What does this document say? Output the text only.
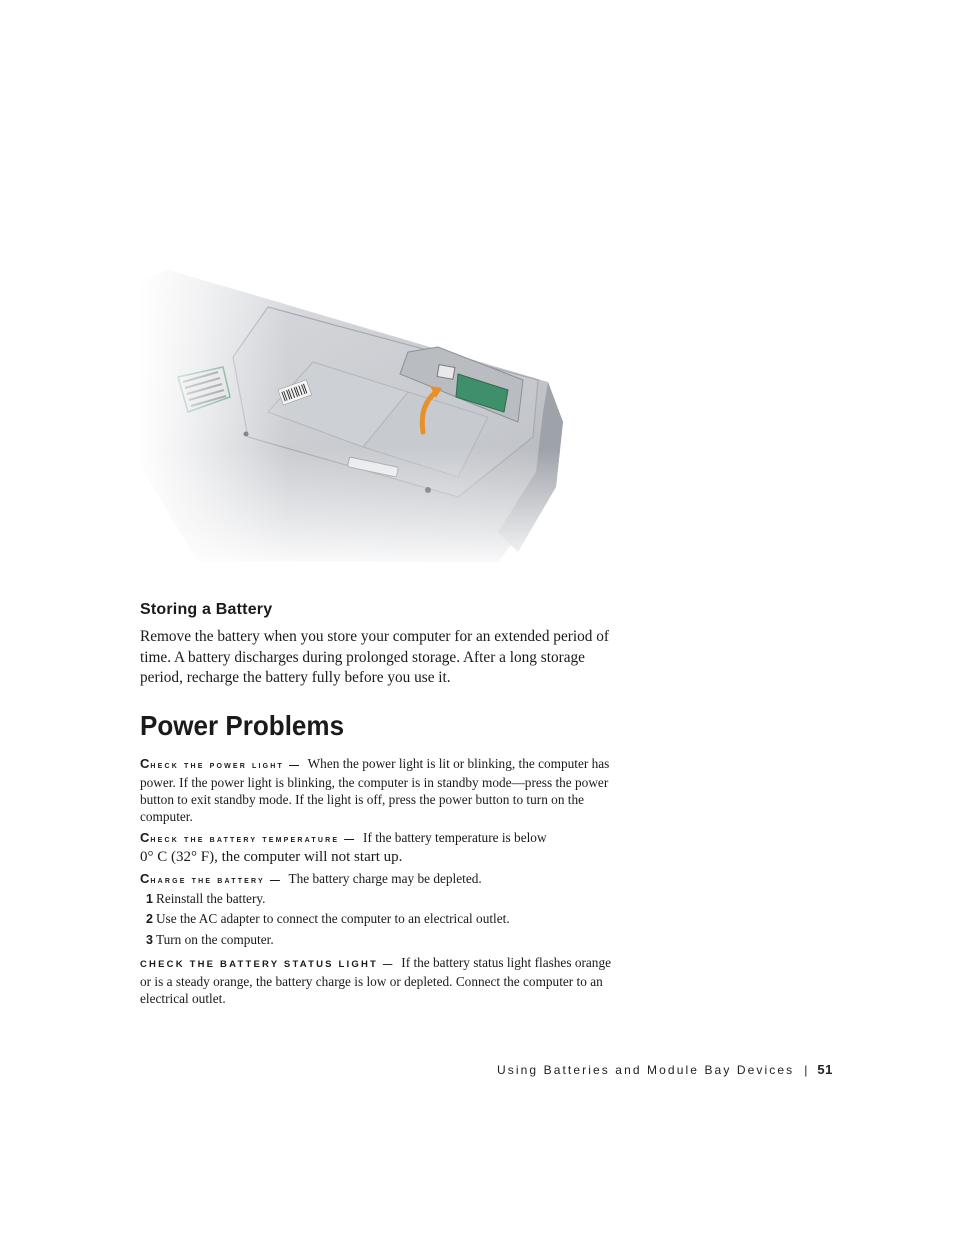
Storing a Battery
Remove the battery when you store your computer for an extended period of time. A battery discharges during prolonged storage. After a long storage period, recharge the battery fully before you use it.
Power Problems
Check the power light — When the power light is lit or blinking, the computer has power. If the power light is blinking, the computer is in standby mode—press the power button to exit standby mode. If the light is off, press the power button to turn on the computer.
Check the battery temperature — If the battery temperature is below
0° C (32° F), the computer will not start up.
Charge the battery — The battery charge may be depleted.
1 Reinstall the battery.
2 Use the AC adapter to connect the computer to an electrical outlet.
3 Turn on the computer.
CHECK THE BATTERY STATUS LIGHT — If the battery status light flashes orange or is a steady orange, the battery charge is low or depleted. Connect the computer to an electrical outlet.
Using Batteries and Module Bay Devices | 51
